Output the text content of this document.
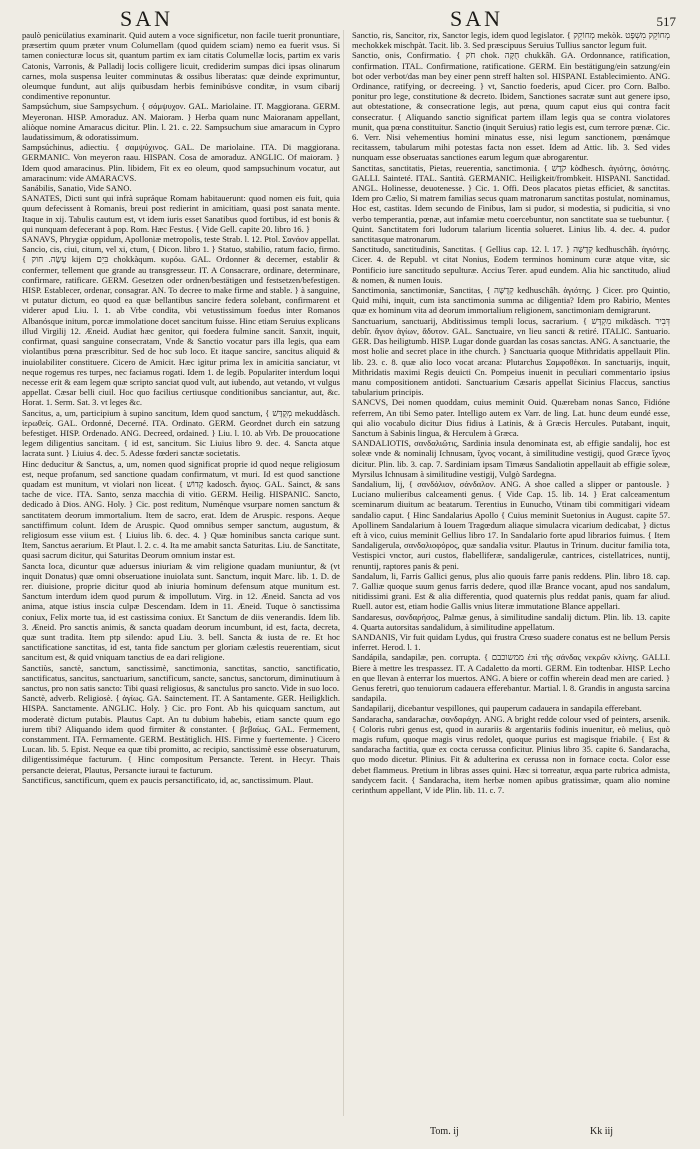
SAN	SAN	517

paulò penicülatius examinarit. Quid autem a voce significetur, non facile tuerit pronuntiare, præsertim quum præter vnum Columellam (quod quidem sciam) nemo ea fuerit vsus. Si tamen coniecturæ locus sit, quantum partim ex iam citatis Columellæ locis, partim ex varis Catonis, Varronis, & Palladij locis colligere licuit, crediderim sumpas dici ipsas olinarum carnes, mola suspensa leuiter comminutas & ossibus liberatas: quæ deinde exprimuntur, oleumque fundunt, aut alijs quibusdam herbis feminibúsve conditæ, in vsum cibarij condimentive reponuntur.

Sampsúchum, siue Sampsychum. { σάμψυχον. GAL. Mariolaine. IT. Maggiorana. GERM. Meyeronan. HISP. Amoraduz. AN. Maioram. } Herba quam nunc Maioranam appellant, aliòque nomine Amaracus dicitur. Plin. l. 21. c. 22. Sampsuchum siue amaracum in Cypro laudatissimum, & odoratissimum.

Sampsúchinus, adiectiu. { σαμψύχινος. GAL. De mariolaine. ITA. Di maggiorana. GERMANIC. Von meyeron raau. HISPAN. Cosa de amoraduz. ANGLIC. Of maioram. } Idem quod amaracinus. Plin. libidem, Fit ex eo oleum, quod sampsuchinum vocatur, aut amaracinum: vide AMARACVS.

Sanábilis, Sanatio, Vide SANO.

SANATES, Dicti sunt qui infrà supráque Romam habitauerunt: quod nomen eis fuit, quia quum defecissent à Romanis, breui post redierint in amicitiam, quasi post sanata mente. Itaque in xij. Tabulis cautum est, vt idem iuris esset Sanatibus quod fortibus, id est bonis & qui nunquam defecerant à pop. Rom. Hæc Festus. { Vide Gell. capite 20. libro 16. }

SANAVS, Phrygiæ oppidum, Apolloniæ metropolis, teste Strab. l. 12. Ptol. Σανάον appellat.

Sancio, cis, ciui, citum, vel xi, ctum, { Dicon. libro 1. } Statuo, stabilio, ratum facio, firmo. { עָשָׂה. חוק kijem בִּיֵם chokkàqum. κυρόω. GAL. Ordonner & decerner, establir & confermer, tellement que grande au transgresseur. IT. A Consacrare, ordinare, determinare, confirmare, ratificare. GERM. Gesetzen oder ordnen/bestätigen und festsetzen/befestigen. HISP. Establecer, ordenar, consagrar. AN. To decree to make firme and stable. } à sanguine, vt putatur dictum, eo quod ea quæ bellantibus sancire federa solebant, confirmarent et viderer apud Liu. l. 1. ab Vrbe condita, vbi vetustissimum foedus inter Romanos Albanósque initum, porcæ immolatione docet sancitum fuisse. Hinc etiam Seruius explicans illud Virgilij 12. Æneid. Audiat hæc genitor, qui foedera fulmine sancit. Sanxit, inquit, confirmat, quasi sanguine consecratam, Vnde & Sanctio vocatur pars illa legis, qua eam violantibus pœna præscribitur. Sed de hoc sub loco. Et itaque sancire, sancitus aliquid & inuiolabiliter constituere. Cicero de Amicit. Hæc igitur prima lex in amicitia sanciatur, vt neque rogemus res turpes, nec faciamus rogati. Idem 1. de legib. Populariter interdum loqui necesse erit & eam legem quæ scripto sanciat quod vult, aut iubendo, aut vetando, vt vulgus appellat. Cæsar belli ciuil. Hoc quo facilius certiusque conditionibus sanciantur, aut, &c. Horat. 1. Serm. Sat. 3. vt leges &c.

Sancitus, a, um, participium à supino sancitum, Idem quod sanctum, { מְקֻדָּשׁ mekuddàsch. ἱερωθείς. GAL. Ordonné, Decerné. ITA. Ordinato. GERM. Geordnet durch ein satzung befestiget. HISP. Ordenado. ANG. Decreed, ordained. } Liu. l. 10. ab Vrb. De prouocatione legem diligentius sancitam. { id est, sancitum. Sic Liuius libro 9. dec. 4. Sancta atque lacrata sunt. } Liuius 4. dec. 5. Adesse fœderi sanctæ societatis.

Hinc deducitur & Sanctus, a, um, nomen quod significat proprie id quod neque religiosum est, neque profanum, sed sanctione quadam confirmatum, vt muri. Id est quod sanctione quadam est munitum, vt violari non liceat. { קָדוֹשׁ kadosch. ἅγιος. GAL. Sainct, & sans tache de vice. ITA. Santo, senza macchia di vitio. GERM. Heilig. HISPANIC. Sancto, dedicado à Dios. ANG. Holy. } Cic. post reditum, Numénque vsurpare nomen sanctum & sanctitatem deorum immortalium. Item de sacro, erat. Idem de Aruspic. respons. Aeque sanctiffimum colunt. Idem de Aruspic. Quod omnibus semper sanctum, augustum, & religiosum esse viium est. { Liuius lib. 6. dec. 4. } Quæ hominibus sancta carique sunt. Item, Sanctus aerarium. Et Plaut. l. 2. c. 4. Ita me amabit sancta Saturitas. Liu. de Sanctitate, quasi sacrum dicitur, qui Saturitas Deorum omnium instar est.

Sancta loca, dicuntur quæ aduersus iniuriam & vim religione quadam muniuntur, & (vt inquit Donatus) quæ omni obseruatione inuiolata sunt. Sanctum, inquit Marc. lib. 1. D. de rer. diuisione, proprie dicitur quod ab iniuria hominum defensum atque munitum est. Sanctum interdum idem quod purum & impollutum. Virg. in 12. Æneid. Sancta ad vos anima, atque istius inscia culpæ Descendam. Idem in 11. Æneid. Tuque ò sanctissima coniux, Felix morte tua, id est castissima coniux. Et Sanctum de diis venerandis. Idem lib. 3. Æneid. Pro sanctis animis, & sancta quadam deorum incumbunt, id est, facta, decreta, quæ sunt tradita. Item ptp silendo: apud Liu. 3. bell. Sancta & iusta de re. Et hoc sanctificatione sanctitas, id est, tanta fide sanctum per gloriam cælestis reuerentiam, sicut sancitum est, & quid vniquam tanctius de ea dari religione.

Sanctiùs, sanctè, sanctum, sanctissimè, sanctimonia, sanctitas, sanctio, sanctificatio, sanctificatus, sancitus, sanctuarium, sanctificum, sancte, sanctus, sanctorum, diminutiuum à sanctus, pro non satis sancto: Tibi quasi religiosus, & sanctulus pro sancto. Vide in suo loco.

Sanctè, adverb. Religiosè. { ἁγίως. GA. Sainctement. IT. A Santamente. GER. Heiligklich. HISPA. Sanctamente. ANGLIC. Holy. } Cic. pro Font. Ab his quicquam sanctum, aut moderatè dictum putabis. Plautus Capt. An tu dubium habebis, etiam sancte quum ego iurem tibi? Aliquando idem quod firmiter & constanter. { βεβαίως. GAL. Fermement, constamment. ITA. Fermamente. GERM. Bestätiglich. HIS. Firme y fuertemente. } Cicero Lucan. lib. 5. Epist. Neque ea quæ tibi promitto, ac recipio, sanctissimè esse obseruaturum, diligentissiméque facturum. { Hinc compositum Persancte. Terent. in Hecyr. Thais persancte deierat, Plautus, Persancte iuraui te facturum.

Sanctificus, sanctificum, quem ex paucis persanctificato, id, ac, sanctissimum. Plaut.

Sanctio, ris, Sancitor, rix, Sanctor legis, idem quod legislator. { מְחוֹקֵק mekòk. מְחוֹקֵק מִשְׁפָּט mechokkek mischpàt. Tacit. lib. 3. Sed præscipuus Seruius Tullius sanctor legum fuit.

Sanctio, onis, Confirmatio. { חֹק chok. חֻקָּה chukkâh. GA. Ordonnance, ratification, confirmation. ITAL. Confirmatione, ratificatione. GERM. Ein bestätigung/ein satzung/ein bot oder verbot/das man bey einer penn streff halten sol. HISPANI. Establecimiento. ANG. Ordinance, ratifying, or decreeing. } vt, Sanctio foederis, apud Cicer. pro Corn. Balbo. ponitur pro lege, constitutione & decreto. Ibidem, Sanctiones sacratæ sunt aut genere ipso, aut obtestatione, & consecratione legis, aut pœna, quum caput eius qui contra facit consecratur. { Aliquando sanctio significat partem illam legis qua se contra violatores munit, qua pœna constituitur. Sanctio (inquit Seruius) ratio legis est, cum terrore pœnæ. Cic. 6. Verr. Nisi vehementius homini minatus esse, nisi legum sanctionem, pœnámque recitassem, tabularum mihi potestas facta non esset. Idem ad Attic. lib. 3. Sed vides nunquam esse obseruatas sanctiones earum legum quæ abrogarentur.

Sanctitas, sanctitatis, Pietas, reuerentia, sanctimonia. { קֹדֶשׁ kòdhesch. ἁγιότης, ὁσιότης. GALLI. Sainteté. ITAL. Santità. GERMANIC. Heiligkeit/frombkeit. HISPANI. Sanctidad. ANGL. Holinesse, deuotenesse. } Cic. 1. Offi. Deos placatos pietas efficiet, & sanctitas. Idem pro Cælio, Si matrem familias secus quam matronarum sanctitas postulat, nominamus, Hoc est, castitas. Idem secundo de Finibus, Iam si pudor, si modestia, si pudicitia, si vno verbo temperantia, pœnæ, aut infamiæ metu coercebuntur, non sanctitate sua se tuebuntur. { Quint. Sanctitatem fori ludorum talarium licentia solueret. Linius lib. 4. dec. 4. pudor sanctitasque matronarum.

Sanctitudo, sanctitudinis, Sanctitas. { Gellius cap. 12. l. 17. } קְדֻשָּׁה kedhuschâh. ἁγιότης. Cicer. 4. de Republ. vt citat Nonius, Eodem terminos hominum curæ atque vitæ, sic Pontificio iure sanctitudo sepulturæ. Accius Terer. apud eundem. Alia hic sanctitudo, aliud & nomen, & numen Iouis.

Sanctimonia, sanctimoniæ, Sanctitas, { קְדֻשָּׁה kedhuschâh. ἁγιότης. } Cicer. pro Quintio, Quid mihi, inquit, cum ista sanctimonia summa ac diligentia? Idem pro Rabirio, Mentes quæ ex hominum vita ad deorum immortalium religionem, sanctimoniam demigrarunt.

Sanctuarium, sanctuarij, Abditissimus templi locus, sacrarium. { מִקְדָּשׁ mikdàsch. דְּבִיר debîr. ἅγιον ἁγίων, ἄδυτον. GAL. Sanctuaire, vn lieu sancti & retiré. ITALIC. Santuario. GER. Das heiligtumb. HISP. Lugar donde guardan las cosas sanctas. ANG. A sanctuarie, the most holie and secret place in ithe church. } Sanctuaria quoque Mithridatis appellauit Plin. lib. 23. c. 8. quæ alio loco vocat arcana: Plutarchus Σαμφοθέκαι. In sanctuarijs, inquit, Mithridatis maximi Regis deuicti Cn. Pompeius inuenit in peculiari commentario ipsius manu compositionem antidoti. Sanctuarium Cæsaris appellat Sicinius Flaccus, sanctius tabularium principis.

SANCVS, Dei nomen quoddam, cuius meminit Ouid. Quærebam nonas Sanco, Fidióne referrem, An tibi Semo pater. Intelligo autem ex Varr. de ling. Lat. hunc deum eundé esse, qui alio vocabulo dicitur Dius fidius à Latinis, & à Græcis Hercules. Putabant, inquit, Sanctum à Sabinis lingua, & Herculem à Græca.

SANDALIOTIS, σανδαλιῶτις, Sardinia insula denominata est, ab effigie sandalij, hoc est soleæ vnde & nominalij Ichnusam, ἴχνος vocant, à similitudine vestigij, quod Græce ἴχνος dicitur. Plin. lib. 3. cap. 7. Sardiniam ipsam Timæus Sandaliotin appellauit ab effigie soleæ, Myrsilus Ichnusam à similitudine vestigij, Vulgò Sardegna.

Sandalium, lij, { σανδάλιον, σάνδαλον. ANG. A shoe called a slipper or pantousle. } Luciano mulieribus calceamenti genus. { Vide Cap. 15. lib. 14. } Erat calceamentum sceminarum diuitum ac beatarum. Terentius in Eunucho, Vtinam tibi commitigari videam sandalio caput. { Hinc Sandalarius Apollo { Cuius meminit Suetonius in August. capite 57. Apollinem Sandalarium à Iouem Tragœdum aliaque simulacra vicarium dedicabat, } dictus eft à vico, cuius meminit Gellius libro 17. In Sandalario forte apud librarios fuimus. { Item Sandaligerula, σανδαλιοφόρος, quæ sandalia vsitur. Plautus in Trinum. ducitur familia tota, Vestispici vnctor, auri custos, flabelliferæ, sandaligerulæ, cantrices, cistellatrices, nuntij, renuntij, raptores panis & peni.

Sandalum, li, Farris Gallici genus, plus alio quouis farre panis reddens. Plin. libro 18. cap. 7. Galliæ quoque suum genus farris dedere, quod illæ Brance vocant, apud nos sandalum, nitidissimi grani. Est & alia differentia, quod quaternis plus reddat panis, quam far aliud. Ruell. autor est, etiam hodie Gallis vnius literæ immutatione Blance appellari.

Sandaresus, σανδαρήσος, Palmæ genus, à similitudine sandalij dictum. Plin. lib. 13. capite 4. Quarta autorsitas sandalidum, à similitudine appellatum.

SANDANIS, Vir fuit quidam Lydus, qui frustra Crœso suadere conatus est ne bellum Persis inferret. Herod. l. 1.

Sandápila, sandapilæ, pen. corrupta. { ממשוכבם ἐπὶ τῆς σάνδας νεκρῶν κλίνης. GALLI. Biere à mettre les trespassez. IT. A Cadaletto da morti. GERM. Ein todtenbar. HISP. Lecho en que llevan à enterrar los muertos. ANG. A biere or coffin wherein dead men are caried. } Genus feretri, quo tenuiorum cadauera efferebantur. Martial. l. 8. Grandis in angusta sarcina sandapila.

Sandapilarij, dicebantur vespillones, qui pauperum cadauera in sandapila efferebant.

Sandaracha, sandarachæ, σανδαράχη. ANG. A bright redde colour vsed of peinters, arsenik. { Coloris rubri genus est, quod in aurariis & argentariis fodinis inuenitur, eò melius, quò magis rufum, quoque magis virus redolet, quoque purius est magisque friabile. { Est & sandaracha factitia, quæ ex cocta cerussa conficitur. Plinius libro 35. capite 6. Sandaracha, quo modo dicetur. Plinius. Fit & adulterina ex cerussa non in fornace cocta. Color esse debet flammeus. Pretium in libras asses quini. Hæc si torreatur, æqua parte rubrica admista, sandycem facit. { Sandaracha, item herbæ nomen apibus gratissimæ, quam alio nomine cerinthum appellant, V ide Plin. lib. 11. c. 7.

Tom. ij	Kk iij
